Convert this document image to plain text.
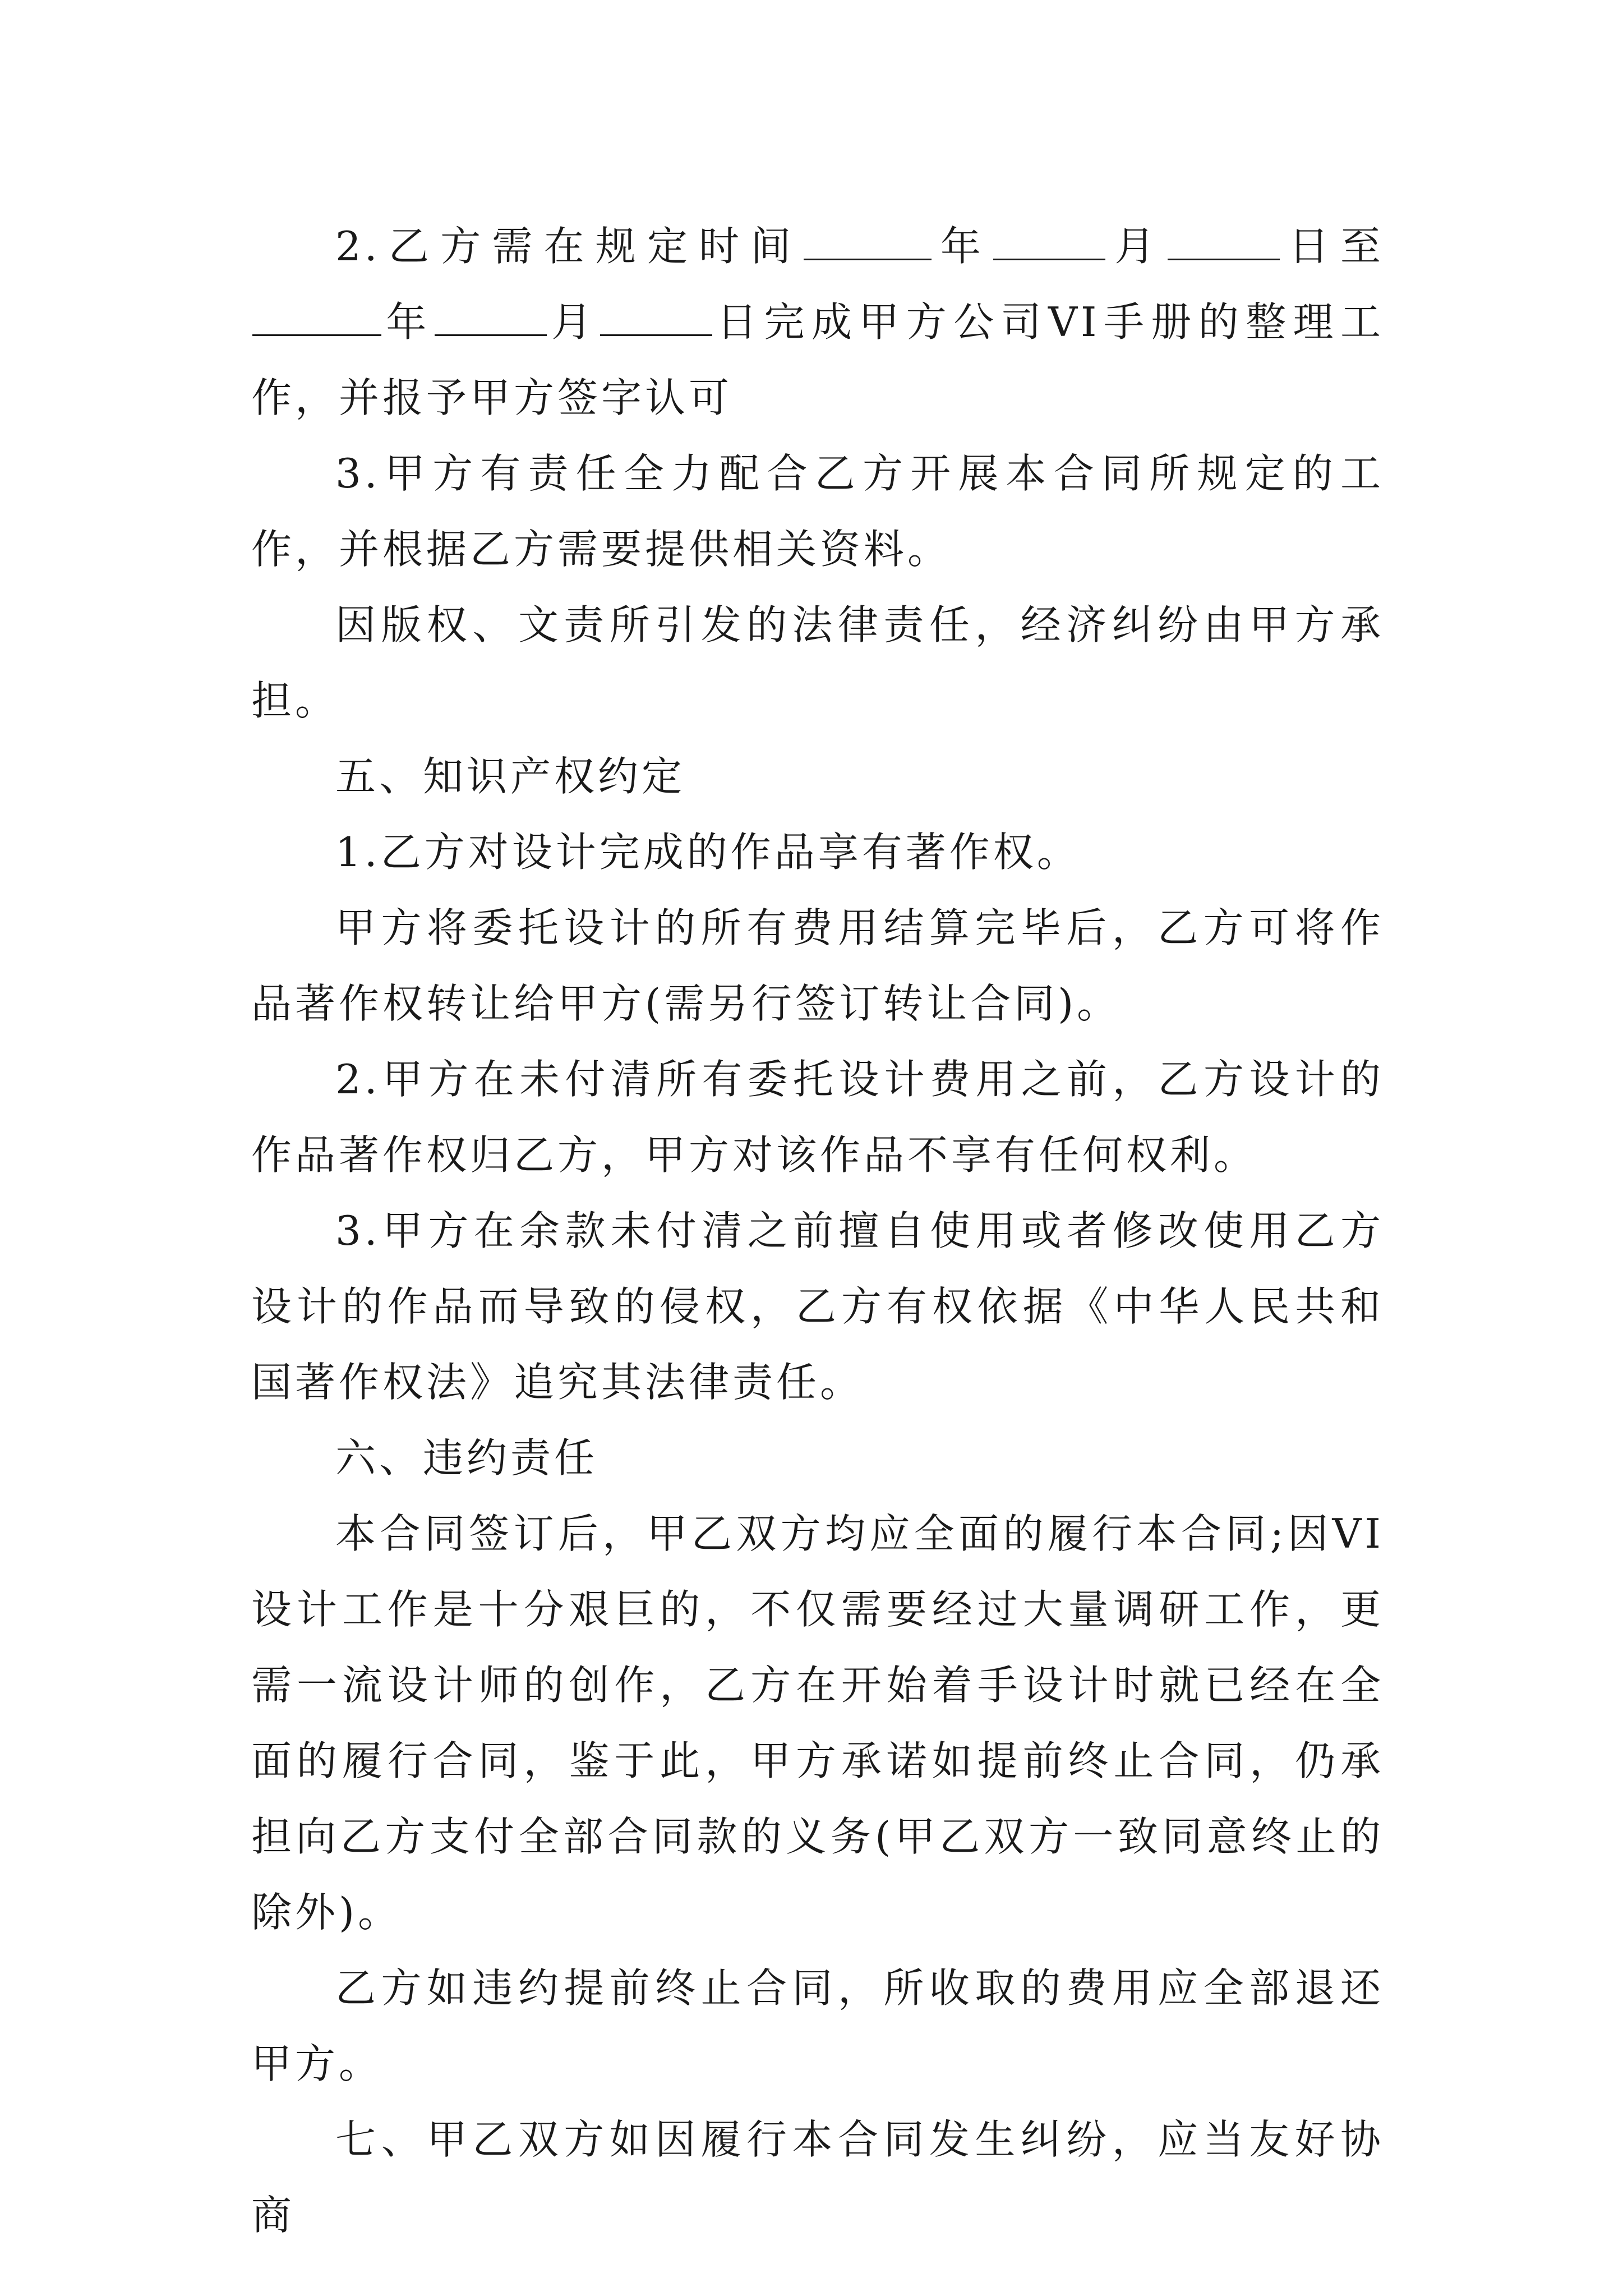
2.乙方需在规定时间	年	月	日至年	月	日完成甲方公司VI手册的整理工作，并报予甲方签字认可

3.甲方有责任全力配合乙方开展本合同所规定的工作，并根据乙方需要提供相关资料。

因版权、文责所引发的法律责任，经济纠纷由甲方承担。

五、知识产权约定

1.乙方对设计完成的作品享有著作权。

甲方将委托设计的所有费用结算完毕后，乙方可将作品著作权转让给甲方(需另行签订转让合同)。

2.甲方在未付清所有委托设计费用之前，乙方设计的作品著作权归乙方，甲方对该作品不享有任何权利。

3.甲方在余款未付清之前擅自使用或者修改使用乙方设计的作品而导致的侵权，乙方有权依据《中华人民共和国著作权法》追究其法律责任。

六、违约责任

本合同签订后，甲乙双方均应全面的履行本合同;因VI设计工作是十分艰巨的，不仅需要经过大量调研工作，更需一流设计师的创作，乙方在开始着手设计时就已经在全面的履行合同，鉴于此，甲方承诺如提前终止合同，仍承担向乙方支付全部合同款的义务(甲乙双方一致同意终止的除外)。

乙方如违约提前终止合同，所收取的费用应全部退还甲方。

七、甲乙双方如因履行本合同发生纠纷，应当友好协商
